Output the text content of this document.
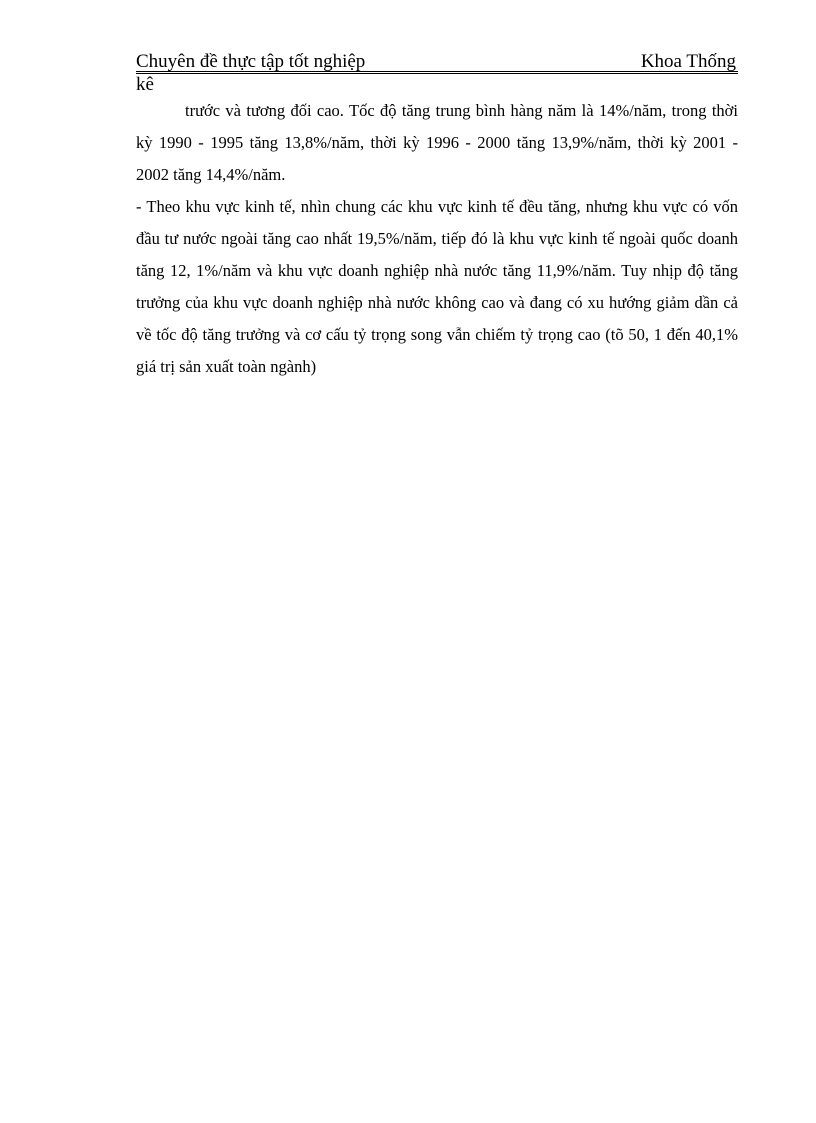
Chuyên đề thực tập tốt nghiệp	Khoa Thống
kê

trước và tương đối cao. Tốc độ tăng trung bình hàng năm là 14%/năm, trong thời kỳ 1990 - 1995 tăng 13,8%/năm, thời kỳ 1996 - 2000 tăng 13,9%/năm, thời kỳ 2001 - 2002 tăng 14,4%/năm.

- Theo khu vực kinh tế, nhìn chung các khu vực kinh tế đều tăng, nhưng khu vực có vốn đầu tư nước ngoài tăng cao nhất 19,5%/năm, tiếp đó là khu vực kinh tế ngoài quốc doanh tăng 12, 1%/năm và khu vực doanh nghiệp nhà nước tăng 11,9%/năm. Tuy nhịp độ tăng trưởng của khu vực doanh nghiệp nhà nước không cao và đang có xu hướng giảm dần cả về tốc độ tăng trưởng và cơ cấu tỷ trọng song vẫn chiếm tỷ trọng cao (tõ 50, 1 đến 40,1% giá trị sản xuất toàn ngành)
